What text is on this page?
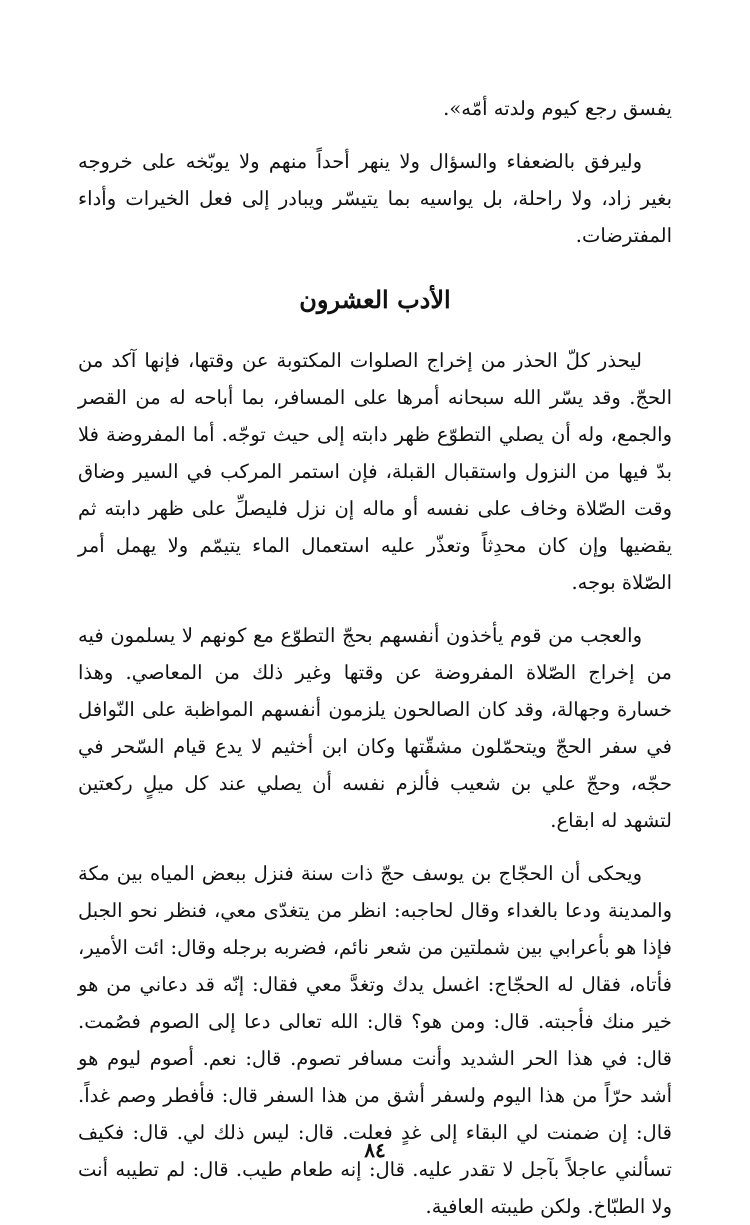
يفسق رجع كيوم ولدته أمّه».

وليرفق بالضعفاء والسؤال ولا ينهر أحداً منهم ولا يوبّخه على خروجه بغير زاد، ولا راحلة، بل يواسيه بما يتيسّر ويبادر إلى فعل الخيرات وأداء المفترضات.

الأدب العشرون

ليحذر كلّ الحذر من إخراج الصلوات المكتوبة عن وقتها، فإنها آكد من الحجّ. وقد يسّر الله سبحانه أمرها على المسافر، بما أباحه له من القصر والجمع، وله أن يصلي التطوّع ظهر دابته إلى حيث توجّه. أما المفروضة فلا بدّ فيها من النزول واستقبال القبلة، فإن استمر المركب في السير وضاق وقت الصّلاة وخاف على نفسه أو ماله إن نزل فليصلِّ على ظهر دابته ثم يقضيها وإن كان محدِثاً وتعذّر عليه استعمال الماء يتيمّم ولا يهمل أمر الصّلاة بوجه.

والعجب من قوم يأخذون أنفسهم بحجّ التطوّع مع كونهم لا يسلمون فيه من إخراج الصّلاة المفروضة عن وقتها وغير ذلك من المعاصي. وهذا خسارة وجهالة، وقد كان الصالحون يلزمون أنفسهم المواظبة على النّوافل في سفر الحجّ ويتحمّلون مشقّتها وكان ابن أخثيم لا يدع قيام السّحر في حجّه، وحجّ علي بن شعيب فألزم نفسه أن يصلي عند كل ميلٍ ركعتين لتشهد له ابقاع.

ويحكى أن الحجّاج بن يوسف حجّ ذات سنة فنزل ببعض المياه بين مكة والمدينة ودعا بالغداء وقال لحاجبه: انظر من يتغدّى معي، فنظر نحو الجبل فإذا هو بأعرابي بين شملتين من شعر نائم، فضربه برجله وقال: ائت الأمير، فأتاه، فقال له الحجّاج: اغسل يدك وتغدَّ معي فقال: إنّه قد دعاني من هو خير منك فأجبته. قال: ومن هو؟ قال: الله تعالى دعا إلى الصوم فصُمت. قال: في هذا الحر الشديد وأنت مسافر تصوم. قال: نعم. أصوم ليوم هو أشد حرّاً من هذا اليوم ولسفر أشق من هذا السفر قال: فأفطر وصم غداً. قال: إن ضمنت لي البقاء إلى غدٍ فعلت. قال: ليس ذلك لي. قال: فكيف تسألني عاجلاً بآجل لا تقدر عليه. قال: إنه طعام طيب. قال: لم تطيبه أنت ولا الطبّاخ. ولكن طيبته العافية.

٨٤
